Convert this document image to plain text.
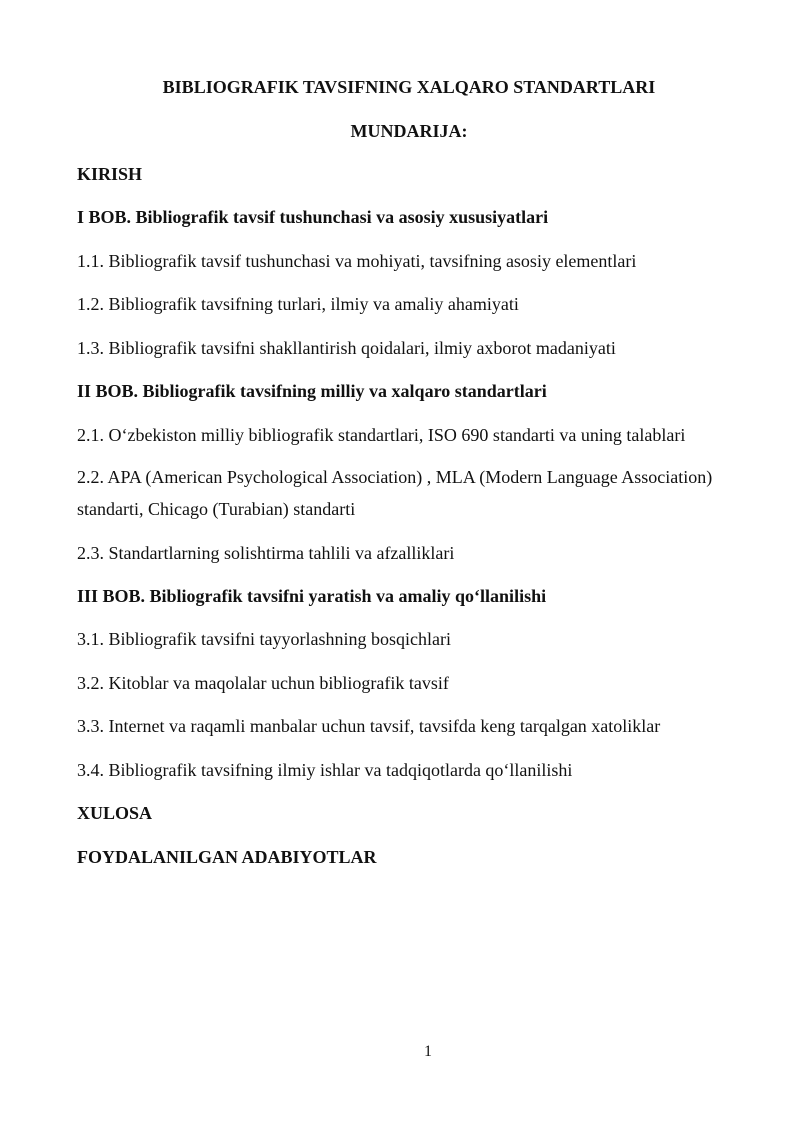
BIBLIOGRAFIK TAVSIFNING XALQARO STANDARTLARI
MUNDARIJA:
KIRISH
I BOB. Bibliografik tavsif tushunchasi va asosiy xususiyatlari
1.1. Bibliografik tavsif tushunchasi va mohiyati, tavsifning asosiy elementlari
1.2. Bibliografik tavsifning turlari, ilmiy va amaliy ahamiyati
1.3. Bibliografik tavsifni shakllantirish qoidalari, ilmiy axborot madaniyati
II BOB. Bibliografik tavsifning milliy va xalqaro standartlari
2.1. O‘zbekiston milliy bibliografik standartlari, ISO 690 standarti va uning talablari
2.2. APA (American Psychological Association) , MLA (Modern Language Association) standarti, Chicago (Turabian) standarti
2.3. Standartlarning solishtirma tahlili va afzalliklari
III BOB. Bibliografik tavsifni yaratish va amaliy qo‘llanilishi
3.1. Bibliografik tavsifni tayyorlashning bosqichlari
3.2. Kitoblar va maqolalar uchun bibliografik tavsif
3.3. Internet va raqamli manbalar uchun tavsif, tavsifda keng tarqalgan xatoliklar
3.4. Bibliografik tavsifning ilmiy ishlar va tadqiqotlarda qo‘llanilishi
XULOSA
FOYDALANILGAN ADABIYOTLAR
1
